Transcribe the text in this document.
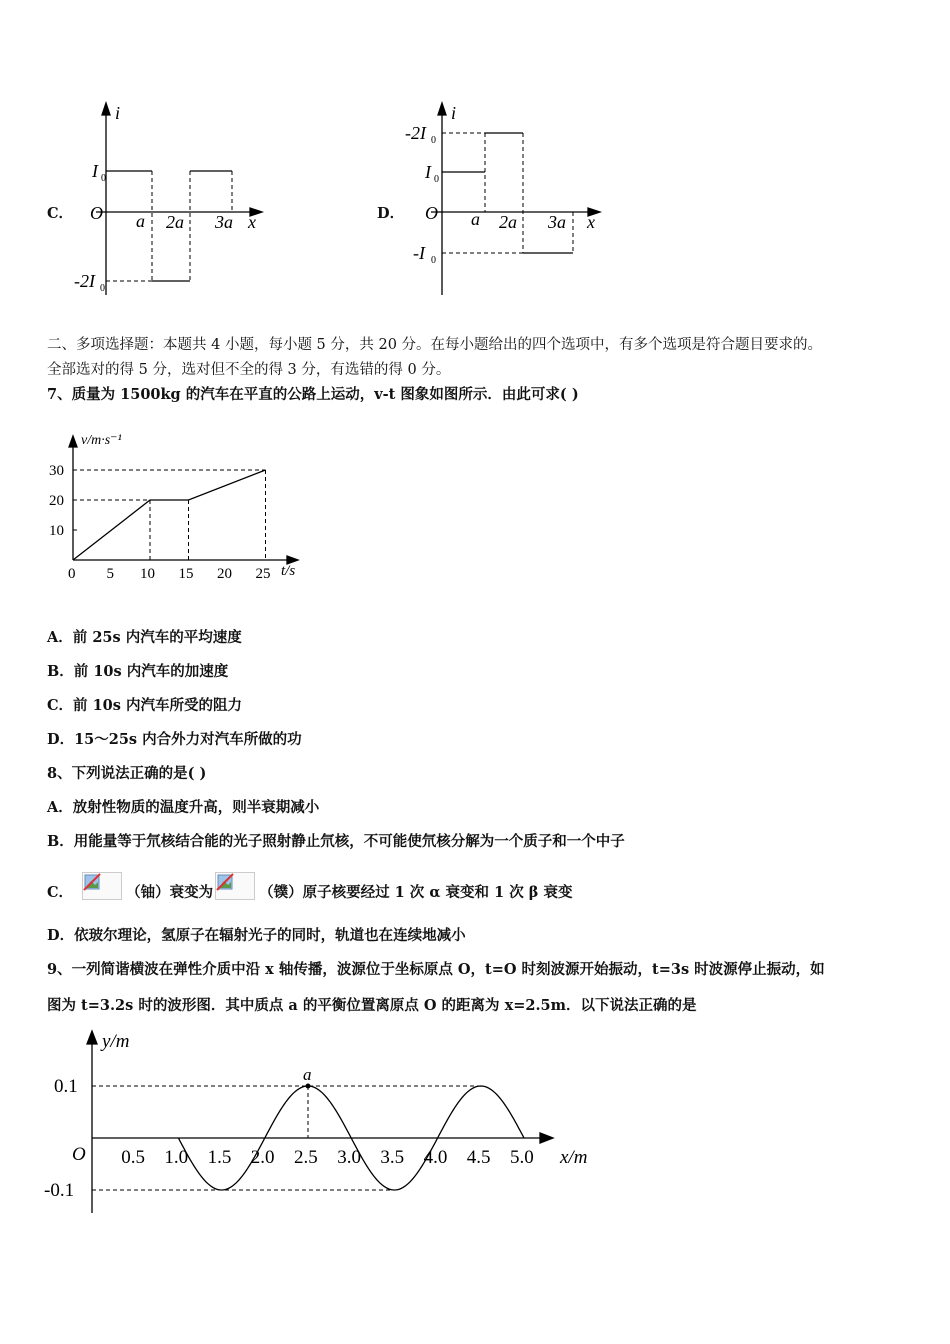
C．
i
x
O
I 0
-2I 0
a 2a 3a	D．
i
x
O
-2I 0
I 0
-I 0
a 2a 3a
二、多项选择题：本题共 4 小题，每小题 5 分，共 20 分。在每小题给出的四个选项中，有多个选项是符合题目要求的。
全部选对的得 5 分，选对但不全的得 3 分，有选错的得 0 分。
7、质量为 1500kg 的汽车在平直的公路上运动，v-t 图象如图所示．由此可求( )
0 5 10 15 20 25
10
20
30
v/m·s⁻¹
t/s
A．前 25s 内汽车的平均速度
B．前 10s 内汽车的加速度
C．前 10s 内汽车所受的阻力
D．15～25s 内合外力对汽车所做的功
8、下列说法正确的是( )
A．放射性物质的温度升高，则半衰期减小
B．用能量等于氘核结合能的光子照射静止氘核，不可能使氘核分解为一个质子和一个中子
C．	（铀）衰变为	（镤）原子核要经过 1 次 α 衰变和 1 次 β 衰变
D．依玻尔理论，氢原子在辐射光子的同时，轨道也在连续地减小
9、一列简谐横波在弹性介质中沿 x 轴传播，波源位于坐标原点 O，t=O 时刻波源开始振动，t=3s 时波源停止振动，如
图为 t=3.2s 时的波形图．其中质点 a 的平衡位置离原点 O 的距离为 x=2.5m．以下说法正确的是
0.5 1.0 1.5 2.0 2.5 3.0 3.5 4.0 4.5 5.0
0.1
-0.1
y/m
x/m
O
a
